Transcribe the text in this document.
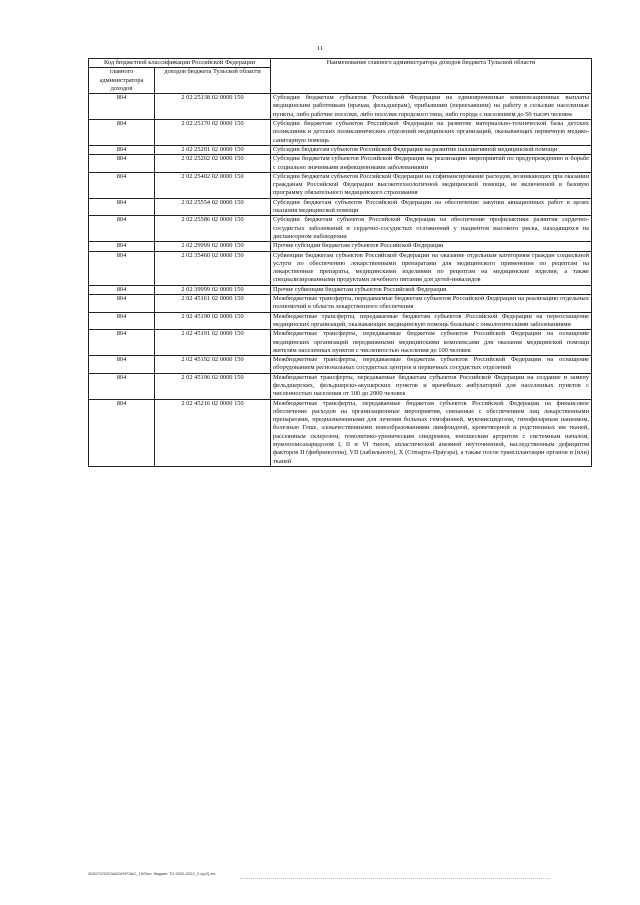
11
Код бюджетной классификации Российской Федерации		Наименование главного администратора доходов бюджета Тульской области
главного администратора доходов	доходов бюджета Тульской области	
804	2 02 25138 02 0000 150	Субсидии бюджетам субъектов Российской Федерации на единовременные компенсационные выплаты медицинским работникам (врачам, фельдшерам), прибывшим (переехавшим) на работу в сельские населенные пункты, либо рабочие поселки, либо поселки городского типа, либо города с населением до 50 тысяч человек
804	2 02 25170 02 0000 150	Субсидии бюджетам субъектов Российской Федерации на развитие материально-технической базы детских поликлиник и детских поликлинических отделений медицинских организаций, оказывающих первичную медико-санитарную помощь
804	2 02 25201 02 0000 150	Субсидии бюджетам субъектов Российской Федерации на развитие паллиативной медицинской помощи
804	2 02 25202 02 0000 150	Субсидии бюджетам субъектов Российской Федерации на реализацию мероприятий по предупреждению и борьбе с социально значимыми инфекционными заболеваниями
804	2 02 25402 02 0000 150	Субсидии бюджетам субъектов Российской Федерации на софинансирование расходов, возникающих при оказании гражданам Российской Федерации высокотехнологичной медицинской помощи, не включенной в базовую программу обязательного медицинского страхования
804	2 02 25554 02 0000 150	Субсидии бюджетам субъектов Российской Федерации на обеспечение закупки авиационных работ в целях оказания медицинской помощи
804	2 02 25586 02 0000 150	Субсидии бюджетам субъектов Российской Федерации на обеспечение профилактики развития сердечно-сосудистых заболеваний и сердечно-сосудистых осложнений у пациентов высокого риска, находящихся на диспансерном наблюдении
804	2 02 29999 02 0000 150	Прочие субсидии бюджетам субъектов Российской Федерации
804	2 02 35460 02 0000 150	Субвенции бюджетам субъектов Российской Федерации на оказание отдельным категориям граждан социальной услуги по обеспечению лекарственными препаратами для медицинского применения по рецептам на лекарственные препараты, медицинскими изделиями по рецептам на медицинские изделия, а также специализированными продуктами лечебного питания для детей-инвалидов
804	2 02 39999 02 0000 150	Прочие субвенции бюджетам субъектов Российской Федерации
804	2 02 45161 02 0000 150	Межбюджетные трансферты, передаваемые бюджетам субъектов Российской Федерации на реализацию отдельных полномочий в области лекарственного обеспечения
804	2 02 45190 02 0000 150	Межбюджетные трансферты, передаваемые бюджетам субъектов Российской Федерации на переоснащение медицинских организаций, оказывающих медицинскую помощь больным с онкологическими заболеваниями
804	2 02 45191 02 0000 150	Межбюджетные трансферты, передаваемые бюджетам субъектов Российской Федерации на оснащение медицинских организаций передвижными медицинскими комплексами для оказания медицинской помощи жителям населенных пунктов с численностью населения до 100 человек
804	2 02 45192 02 0000 150	Межбюджетные трансферты, передаваемые бюджетам субъектов Российской Федерации на оснащение оборудованием региональных сосудистых центров и первичных сосудистых отделений
804	2 02 45196 02 0000 150	Межбюджетные трансферты, передаваемые бюджетам субъектов Российской Федерации на создание и замену фельдшерских, фельдшерско-акушерских пунктов и врачебных амбулаторий для населенных пунктов с численностью населения от 100 до 2000 человек
804	2 02 45216 02 0000 150	Межбюджетные трансферты, передаваемые бюджетам субъектов Российской Федерации на финансовое обеспечение расходов на организационные мероприятия, связанные с обеспечением лиц лекарственными препаратами, предназначенными для лечения больных гемофилией, муковисцидозом, гипофизарным нанизмом, болезнью Гоше, злокачественными новообразованиями лимфоидной, кроветворной и родственных им тканей, рассеянным склерозом, гемолитико-уремическим синдромом, юношеским артритом с системным началом, мукополисахаридозом I, II и VI типов, апластической анемией неуточненной, наследственным дефицитом факторов II (фибриногена), VII (лабильного), X (Стюарта-Прауэра), а также после трансплантации органов и (или) тканей
3\0\07\2022\ЗАКОН\Л\ЗАС_13\Пол. бюджет ТО 2020-2022_3 ч(р2).xls
